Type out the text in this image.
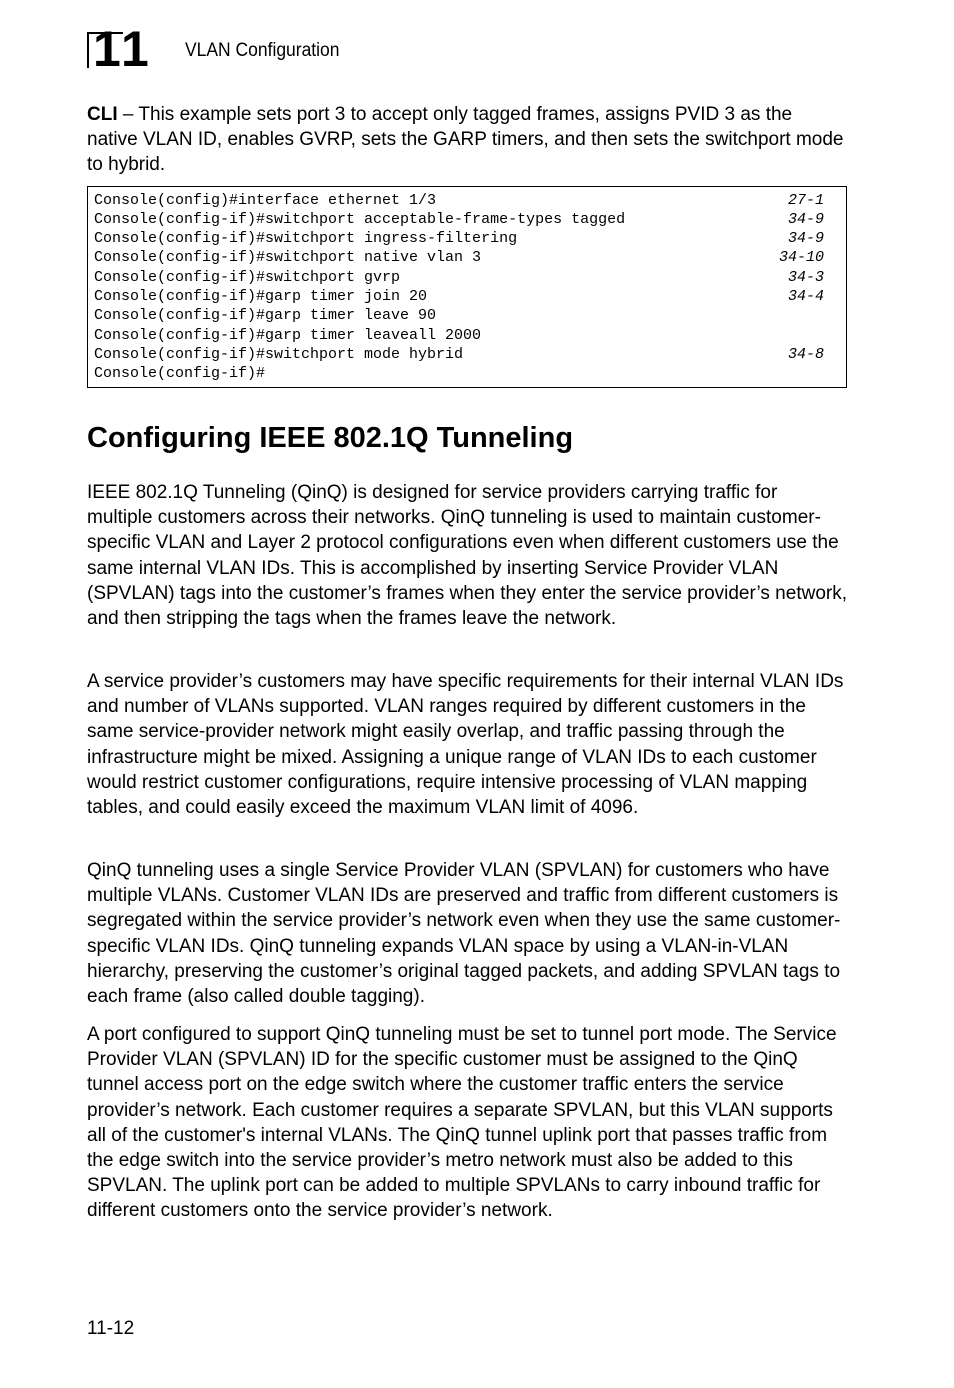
11 VLAN Configuration
CLI – This example sets port 3 to accept only tagged frames, assigns PVID 3 as the native VLAN ID, enables GVRP, sets the GARP timers, and then sets the switchport mode to hybrid.
Console(config)#interface ethernet 1/3	27-1
Console(config-if)#switchport acceptable-frame-types tagged	34-9
Console(config-if)#switchport ingress-filtering	34-9
Console(config-if)#switchport native vlan 3	34-10
Console(config-if)#switchport gvrp	34-3
Console(config-if)#garp timer join 20	34-4
Console(config-if)#garp timer leave 90
Console(config-if)#garp timer leaveall 2000
Console(config-if)#switchport mode hybrid	34-8
Console(config-if)#
Configuring IEEE 802.1Q Tunneling

IEEE 802.1Q Tunneling (QinQ) is designed for service providers carrying traffic for multiple customers across their networks. QinQ tunneling is used to maintain customer-specific VLAN and Layer 2 protocol configurations even when different customers use the same internal VLAN IDs. This is accomplished by inserting Service Provider VLAN (SPVLAN) tags into the customer’s frames when they enter the service provider’s network, and then stripping the tags when the frames leave the network.

A service provider’s customers may have specific requirements for their internal VLAN IDs and number of VLANs supported. VLAN ranges required by different customers in the same service-provider network might easily overlap, and traffic passing through the infrastructure might be mixed. Assigning a unique range of VLAN IDs to each customer would restrict customer configurations, require intensive processing of VLAN mapping tables, and could easily exceed the maximum VLAN limit of 4096.

QinQ tunneling uses a single Service Provider VLAN (SPVLAN) for customers who have multiple VLANs. Customer VLAN IDs are preserved and traffic from different customers is segregated within the service provider’s network even when they use the same customer-specific VLAN IDs. QinQ tunneling expands VLAN space by using a VLAN-in-VLAN hierarchy, preserving the customer’s original tagged packets, and adding SPVLAN tags to each frame (also called double tagging).

A port configured to support QinQ tunneling must be set to tunnel port mode. The Service Provider VLAN (SPVLAN) ID for the specific customer must be assigned to the QinQ tunnel access port on the edge switch where the customer traffic enters the service provider’s network. Each customer requires a separate SPVLAN, but this VLAN supports all of the customer's internal VLANs. The QinQ tunnel uplink port that passes traffic from the edge switch into the service provider’s metro network must also be added to this SPVLAN. The uplink port can be added to multiple SPVLANs to carry inbound traffic for different customers onto the service provider’s network.

11-12
